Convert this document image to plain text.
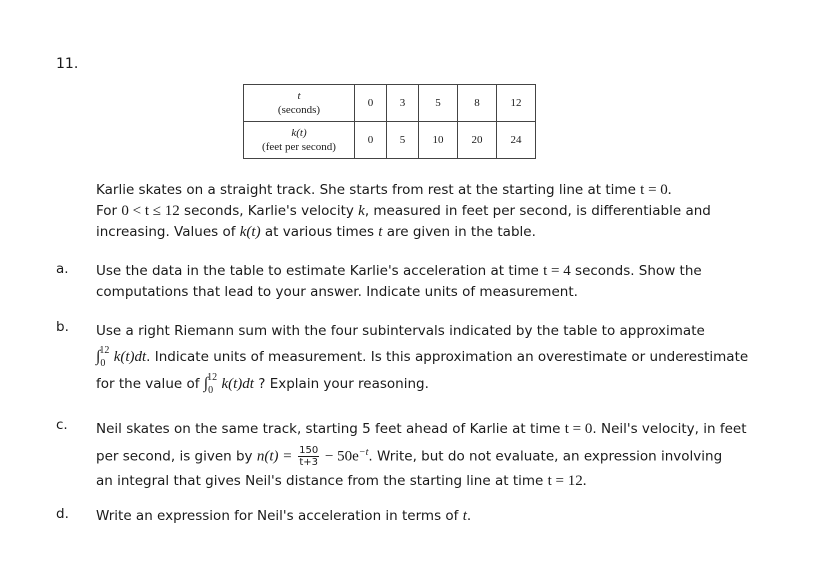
11.
t
(seconds)	0	3	5	8	12
k(t)
(feet per second)	0	5	10	20	24
Karlie skates on a straight track. She starts from rest at the starting line at time t = 0.
For 0 < t ≤ 12 seconds, Karlie's velocity k, measured in feet per second, is differentiable and
increasing. Values of k(t) at various times t are given in the table.
a. Use the data in the table to estimate Karlie's acceleration at time t = 4 seconds. Show the
computations that lead to your answer. Indicate units of measurement.
b. Use a right Riemann sum with the four subintervals indicated by the table to approximate
$\int_0^{12}$ k(t)dt. Indicate units of measurement. Is this approximation an overestimate or underestimate
for the value of $\int_0^{12}$ k(t)dt ? Explain your reasoning.
c. Neil skates on the same track, starting 5 feet ahead of Karlie at time t = 0. Neil's velocity, in feet
per second, is given by $n(t) = \frac{150}{t+3} - 50e^{-t}$. Write, but do not evaluate, an expression involving
an integral that gives Neil's distance from the starting line at time t = 12.
d. Write an expression for Neil's acceleration in terms of t.
